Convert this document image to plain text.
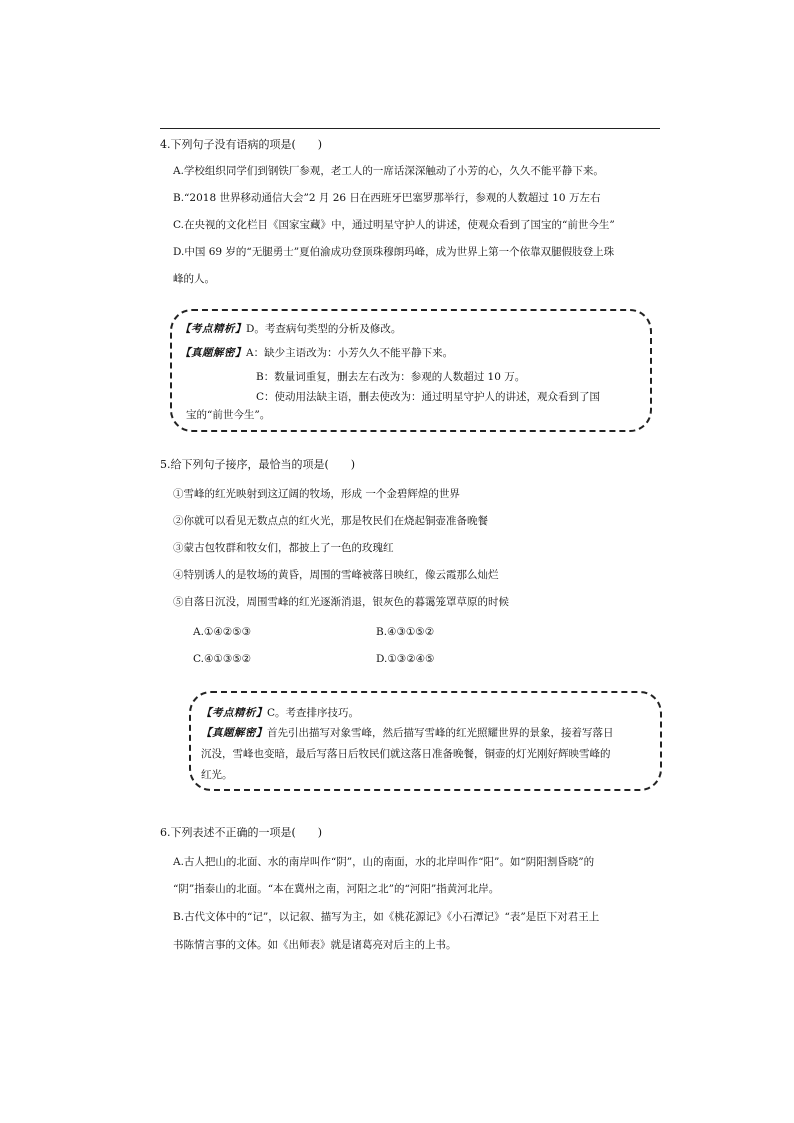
4.下列句子没有语病的项是(　　)
A.学校组织同学们到钢铁厂参观，老工人的一席话深深触动了小芳的心，久久不能平静下来。
B.“2018 世界移动通信大会”2 月 26 日在西班牙巴塞罗那举行，参观的人数超过 10 万左右
C.在央视的文化栏目《国家宝藏》中，通过明星守护人的讲述，使观众看到了国宝的“前世今生”
D.中国 69 岁的“无腿勇士”夏伯渝成功登顶珠穆朗玛峰，成为世界上第一个依靠双腿假肢登上珠
峰的人。
【考点精析】D。考查病句类型的分析及修改。
【真题解密】A：缺少主语改为：小芳久久不能平静下来。
B：数量词重复，删去左右改为：参观的人数超过 10 万。
C：使动用法缺主语，删去使改为：通过明星守护人的讲述，观众看到了国
宝的“前世今生”。
5.给下列句子接序，最恰当的项是(　　)
①雪峰的红光映射到这辽阔的牧场，形成 一个金碧辉煌的世界
②你就可以看见无数点点的红火光，那是牧民们在烧起铜壶准备晚餐
③蒙古包牧群和牧女们，都披上了一色的玫瑰红
④特别诱人的是牧场的黄昏，周围的雪峰被落日映红，像云霞那么灿烂
⑤自落日沉没，周围雪峰的红光逐渐消退，银灰色的暮霭笼罩草原的时候
A.①④②⑤③	B.④③①⑤②
C.④①③⑤②	D.①③②④⑤
【考点精析】C。考查排序技巧。
【真题解密】首先引出描写对象雪峰，然后描写雪峰的红光照耀世界的景象，接着写落日
沉没，雪峰也变暗，最后写落日后牧民们就这落日准备晚餐，铜壶的灯光刚好辉映雪峰的
红光。
6.下列表述不正确的一项是(　　)
A.古人把山的北面、水的南岸叫作“阴”，山的南面，水的北岸叫作“阳”。如“阴阳割昏晓”的
“阴”指泰山的北面。“本在冀州之南，河阳之北”的“河阳”指黄河北岸。
B.古代文体中的“记”，以记叙、描写为主，如《桃花源记》《小石潭记》“表”是臣下对君王上
书陈情言事的文体。如《出师表》就是诸葛亮对后主的上书。
